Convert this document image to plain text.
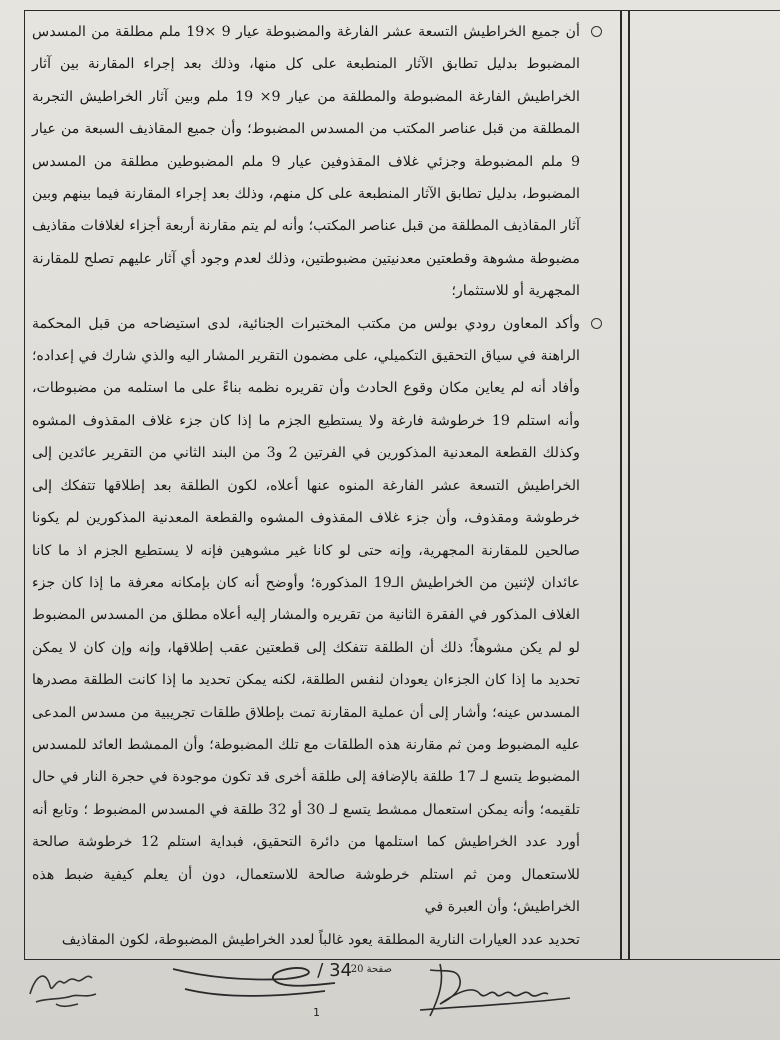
أن جميع الخراطيش التسعة عشر الفارغة والمضبوطة عيار 9 ×19 ملم مطلقة من المسدس المضبوط بدليل تطابق الآثار المنطبعة على كل منها، وذلك بعد إجراء المقارنة بين آثار الخراطيش الفارغة المضبوطة والمطلقة من عيار 9× 19 ملم وبين آثار الخراطيش التجربة المطلقة من قبل عناصر المكتب من المسدس المضبوط؛ وأن جميع المقاذيف السبعة من عيار 9 ملم المضبوطة وجزئي غلاف المقذوفين عيار 9 ملم المضبوطين مطلقة من المسدس المضبوط، بدليل تطابق الآثار المنطبعة على كل منهم، وذلك بعد إجراء المقارنة فيما بينهم وبين آثار المقاذيف المطلقة من قبل عناصر المكتب؛ وأنه لم يتم مقارنة أربعة أجزاء لغلافات مقاذيف مضبوطة مشوهة وقطعتين معدنيتين مضبوطتين، وذلك لعدم وجود أي آثار عليهم تصلح للمقارنة المجهرية أو للاستثمار؛

وأكد المعاون رودي بولس من مكتب المختبرات الجنائية، لدى استيضاحه من قبل المحكمة الراهنة في سياق التحقيق التكميلي، على مضمون التقرير المشار اليه والذي شارك في إعداده؛ وأفاد أنه لم يعاين مكان وقوع الحادث وأن تقريره نظمه بناءً على ما استلمه من مضبوطات، وأنه استلم 19 خرطوشة فارغة ولا يستطيع الجزم ما إذا كان جزء غلاف المقذوف المشوه وكذلك القطعة المعدنية المذكورين في الفرتين 2 و3 من البند الثاني من التقرير عائدين إلى الخراطيش التسعة عشر الفارغة المنوه عنها أعلاه، لكون الطلقة بعد إطلاقها تتفكك إلى خرطوشة ومقذوف، وأن جزء غلاف المقذوف المشوه والقطعة المعدنية المذكورين لم يكونا صالحين للمقارنة المجهرية، وإنه حتى لو كانا غير مشوهين فإنه لا يستطيع الجزم اذ ما كانا عائدان لإثنين من الخراطيش الـ19 المذكورة؛ وأوضح أنه كان بإمكانه معرفة ما إذا كان جزء الغلاف المذكور في الفقرة الثانية من تقريره والمشار إليه أعلاه مطلق من المسدس المضبوط لو لم يكن مشوهاً؛ ذلك أن الطلقة تتفكك إلى قطعتين عقب إطلاقها، وإنه وإن كان لا يمكن تحديد ما إذا كان الجزءان يعودان لنفس الطلقة، لكنه يمكن تحديد ما إذا كانت الطلقة مصدرها المسدس عينه؛ وأشار إلى أن عملية المقارنة تمت بإطلاق طلقات تجريبية من مسدس المدعى عليه المضبوط ومن ثم مقارنة هذه الطلقات مع تلك المضبوطة؛ وأن الممشط العائد للمسدس المضبوط يتسع لـ 17 طلقة بالإضافة إلى طلقة أخرى قد تكون موجودة في حجرة النار في حال تلقيمه؛ وأنه يمكن استعمال ممشط يتسع لـ 30 أو 32 طلقة في المسدس المضبوط ؛ وتابع أنه أورد عدد الخراطيش كما استلمها من دائرة التحقيق، فبداية استلم 12 خرطوشة صالحة للاستعمال ومن ثم استلم خرطوشة صالحة للاستعمال، دون أن يعلم كيفية ضبط هذه الخراطيش؛ وأن العبرة في

تحديد عدد العيارات النارية المطلقة يعود غالباً لعدد الخراطيش المضبوطة، لكون المقاذيف
34 /
صفحة 20
1
